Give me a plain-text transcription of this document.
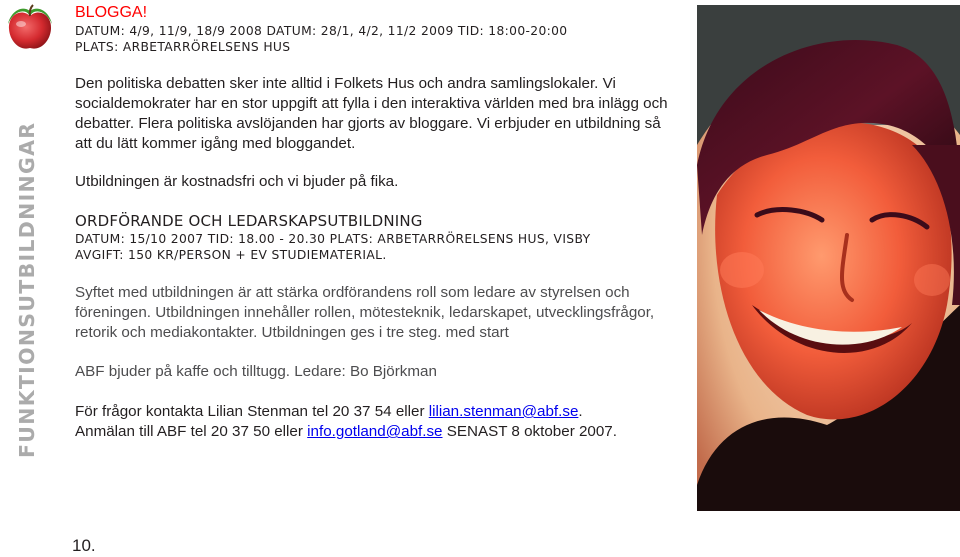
FUNKTIONSUTBILDNINGAR
BLOGGA!

DATUM: 4/9, 11/9, 18/9 2008 DATUM: 28/1, 4/2, 11/2 2009 TID: 18:00-20:00
PLATS: ARBETARRÖRELSENS HUS

Den politiska debatten sker inte alltid i Folkets Hus och andra samlingslokaler. Vi socialdemokrater har en stor uppgift att fylla i den interaktiva världen med bra inlägg och debatter. Flera politiska avslöjanden har gjorts av bloggare. Vi erbjuder en utbildning så att du lätt kommer igång med bloggandet.

Utbildningen är kostnadsfri och vi bjuder på fika.

ORDFÖRANDE OCH LEDARSKAPSUTBILDNING

DATUM: 15/10 2007 TID: 18.00 - 20.30 PLATS: ARBETARRÖRELSENS HUS, VISBY
AVGIFT: 150 KR/PERSON + EV STUDIEMATERIAL.

Syftet med utbildningen är att stärka ordförandens roll som ledare av styrelsen och föreningen. Utbildningen innehåller rollen, mötesteknik, ledarskapet, utvecklingsfrågor, retorik och mediakontakter. Utbildningen ges i tre steg. med start

ABF bjuder på kaffe och tilltugg. Ledare: Bo Björkman

För frågor kontakta Lilian Stenman tel 20 37 54 eller lilian.stenman@abf.se.
Anmälan till ABF tel 20 37 50 eller info.gotland@abf.se SENAST 8 oktober 2007.

10.
